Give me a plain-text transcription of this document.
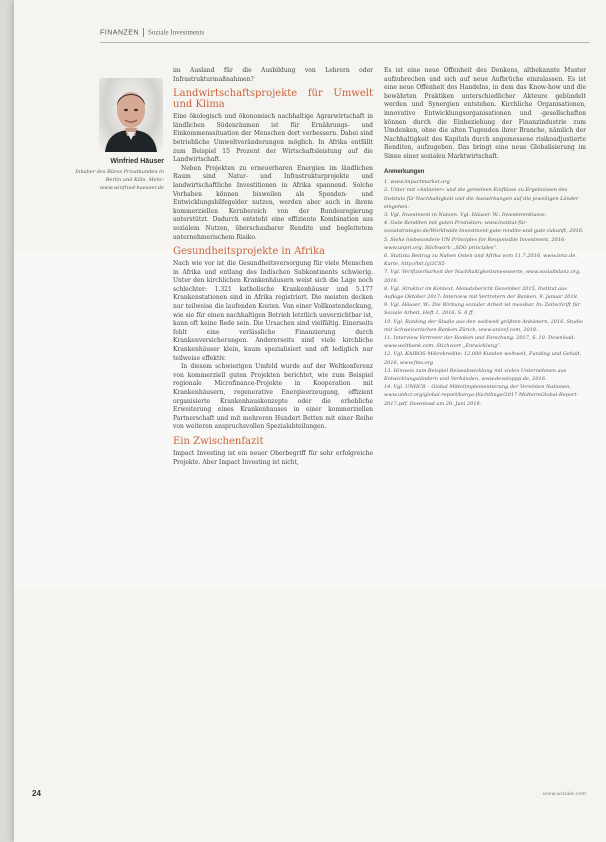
FINANZEN Soziale Investments
Winfried Häuser
Inhaber des Büros Privatkunden in Berlin und Köln. Mehr: www.winfried-haeuser.de

im Ausland für die Ausbildung von Lehrern oder Infrastrukturmaßnahmen?

Landwirtschaftsprojekte für Umwelt und Klima

Eine ökologisch und ökonomisch nachhaltige Agrarwirtschaft in ländlichen Südenräumen ist für Ernährungs- und Einkommenssituation der Menschen dort verbessern. Dabei sind betriebliche Umweltveränderungen möglich. In Afrika entfällt zum Beispiel 15 Prozent der Wirtschaftsleistung auf die Landwirtschaft.

Neben Projekten zu erneuerbaren Energien im ländlichen Raum sind Natur- und Infrastrukturprojekte und landwirtschaftliche Investitionen in Afrika spannend. Solche Vorhaben können bisweilen als Spenden- und Entwicklungshilfegelder nutzen, werden aber auch in ihrem kommerziellen Kernbereich von der Bundesregierung unterstützt. Dadurch entsteht eine effiziente Kombination aus sozialem Nutzen, überschaubarer Rendite und begleitetem unternehmerischem Risiko.

Gesundheitsprojekte in Afrika

Nach wie vor ist die Gesundheitsversorgung für viele Menschen in Afrika und entlang des Indischen Subkontinents schwierig. Unter den kirchlichen Krankenhäusern weist sich die Lage noch schlechter: 1.321 katholische Krankenhäuser und 5.177 Krankenstationen sind in Afrika registriert. Die meisten decken nur teilweise die laufenden Kosten. Von einer Vollkostendeckung, wie sie für einen nachhaltigen Betrieb letztlich unverzichtbar ist, kann oft keine Rede sein. Die Ursachen sind vielfältig. Einerseits fehlt eine verlässliche Finanzierung durch Krankenversicherungen. Andererseits sind viele kirchliche Krankenhäuser klein, kaum spezialisiert und oft lediglich nur teilweise effektiv.

In diesem schwierigen Umfeld wurde auf der Weltkonferenz von kommerziell guten Projekten berichtet, wie zum Beispiel regionale Microfinance-Projekte in Kooperation mit Krankenhäusern, regenerative Energieerzeugung, effizient organisierte Krankenhauskonzepte oder die erhebliche Erweiterung eines Krankenhauses in einer kommerziellen Partnerschaft und mit mehreren Hundert Betten mit einer Reihe von weiteren anspruchsvollen Spezialabteilungen.

Ein Zwischenfazit

Impact Investing ist ein neuer Oberbegriff für sehr erfolgreiche Projekte. Aber Impact Investing ist nicht,

Es ist eine neue Offenheit des Denkens, altbekannte Muster aufzubrechen und sich auf neue Aufbrüche einzulassen. Es ist eine neue Offenheit des Handelns, in dem das Know-how und die bewährten Praktiken unterschiedlicher Akteure gebündelt werden und Synergien entstehen. Kirchliche Organisationen, innovative Entwicklungsorganisationen und -gesellschaften können durch die Einbeziehung der Finanzindustrie zum Umdenken, ohne die alten Tugenden ihrer Branche, nämlich der Nachhaltigkeit des Kapitals durch angemessene risikoadjustierte Renditen, aufzugeben. Das bringt eine neue Globalisierung im Sinne einer sozialen Marktwirtschaft.

Anmerkungen
1. www.impactmarket.org
2. Unter mit »Anbieter« und die gemeinen Einflüsse zu Ergebnissen des Instituts für Nachhaltigkeit und die Auswirkungen auf die jeweiligen Länder eingehen.
3. Vgl. Investment in Nutzen. Vgl. Häuser. W.: Investorenklasse.
4. Gute Renditen mit guten Produkten: www.institut-für-sozialstrategie.de/Worldwide-Investment-gute-rendite-und-gute-zukunft, 2016.
5. Siehe insbesondere UN Principles for Responsible Investment, 2016: www.unpri.org. Stichwort: „SDG principles“.
6. Statista Beitrag zu Nahen Osten und Afrika vom 11.7.2016, www.bmz.de. Karte, http://bit.ly/2CS5
7. Vgl. Verifizierbarkeit der Nachhaltigkeitsmesswerte, www.sozialbilanz.org, 2016.
8. Vgl. Struktur im Kontext. Monatsbericht Dezember 2015, Institut aus Auflage Oktober 2017: Interview mit Vertretern der Banken, 9. Januar 2018.
9. Vgl. Häuser, W.: Die Wirkung sozialer Arbeit ist messbar. In: Zeitschrift für Soziale Arbeit, Heft 1, 2016, S. 8 ff.
10. Vgl. Ranking der Studie aus den weltweit größten Anbietern, 2016, Studie mit Schweizerischen Banken Zürich, www.unicef.com, 2018.
11. Interview Vertreter der Banken und Forschung, 2017, S. 10. Download: www.weltbank.com. Stichwort „Entwicklung“.
12. Vgl. KAIROS-Mikrokredite: 12.000 Kunden weltweit, Funding und Gehalt, 2016, www.fms.org
13. Hinweis zum Beispiel Reiseabwicklung mit vielen Unternehmen aus Entwicklungsländern und Verbänden, www.developpp.de, 2016.
14. Vgl. UNHCR – Global Mittelimplementierung der Vereinten Nationen, www.unhcr.org/global-report/kenya-flüchtlinge/2017-MidtermGlobal-Report-2017.pdf. Download am 20. Juni 2018.
24	www.soziale.com
